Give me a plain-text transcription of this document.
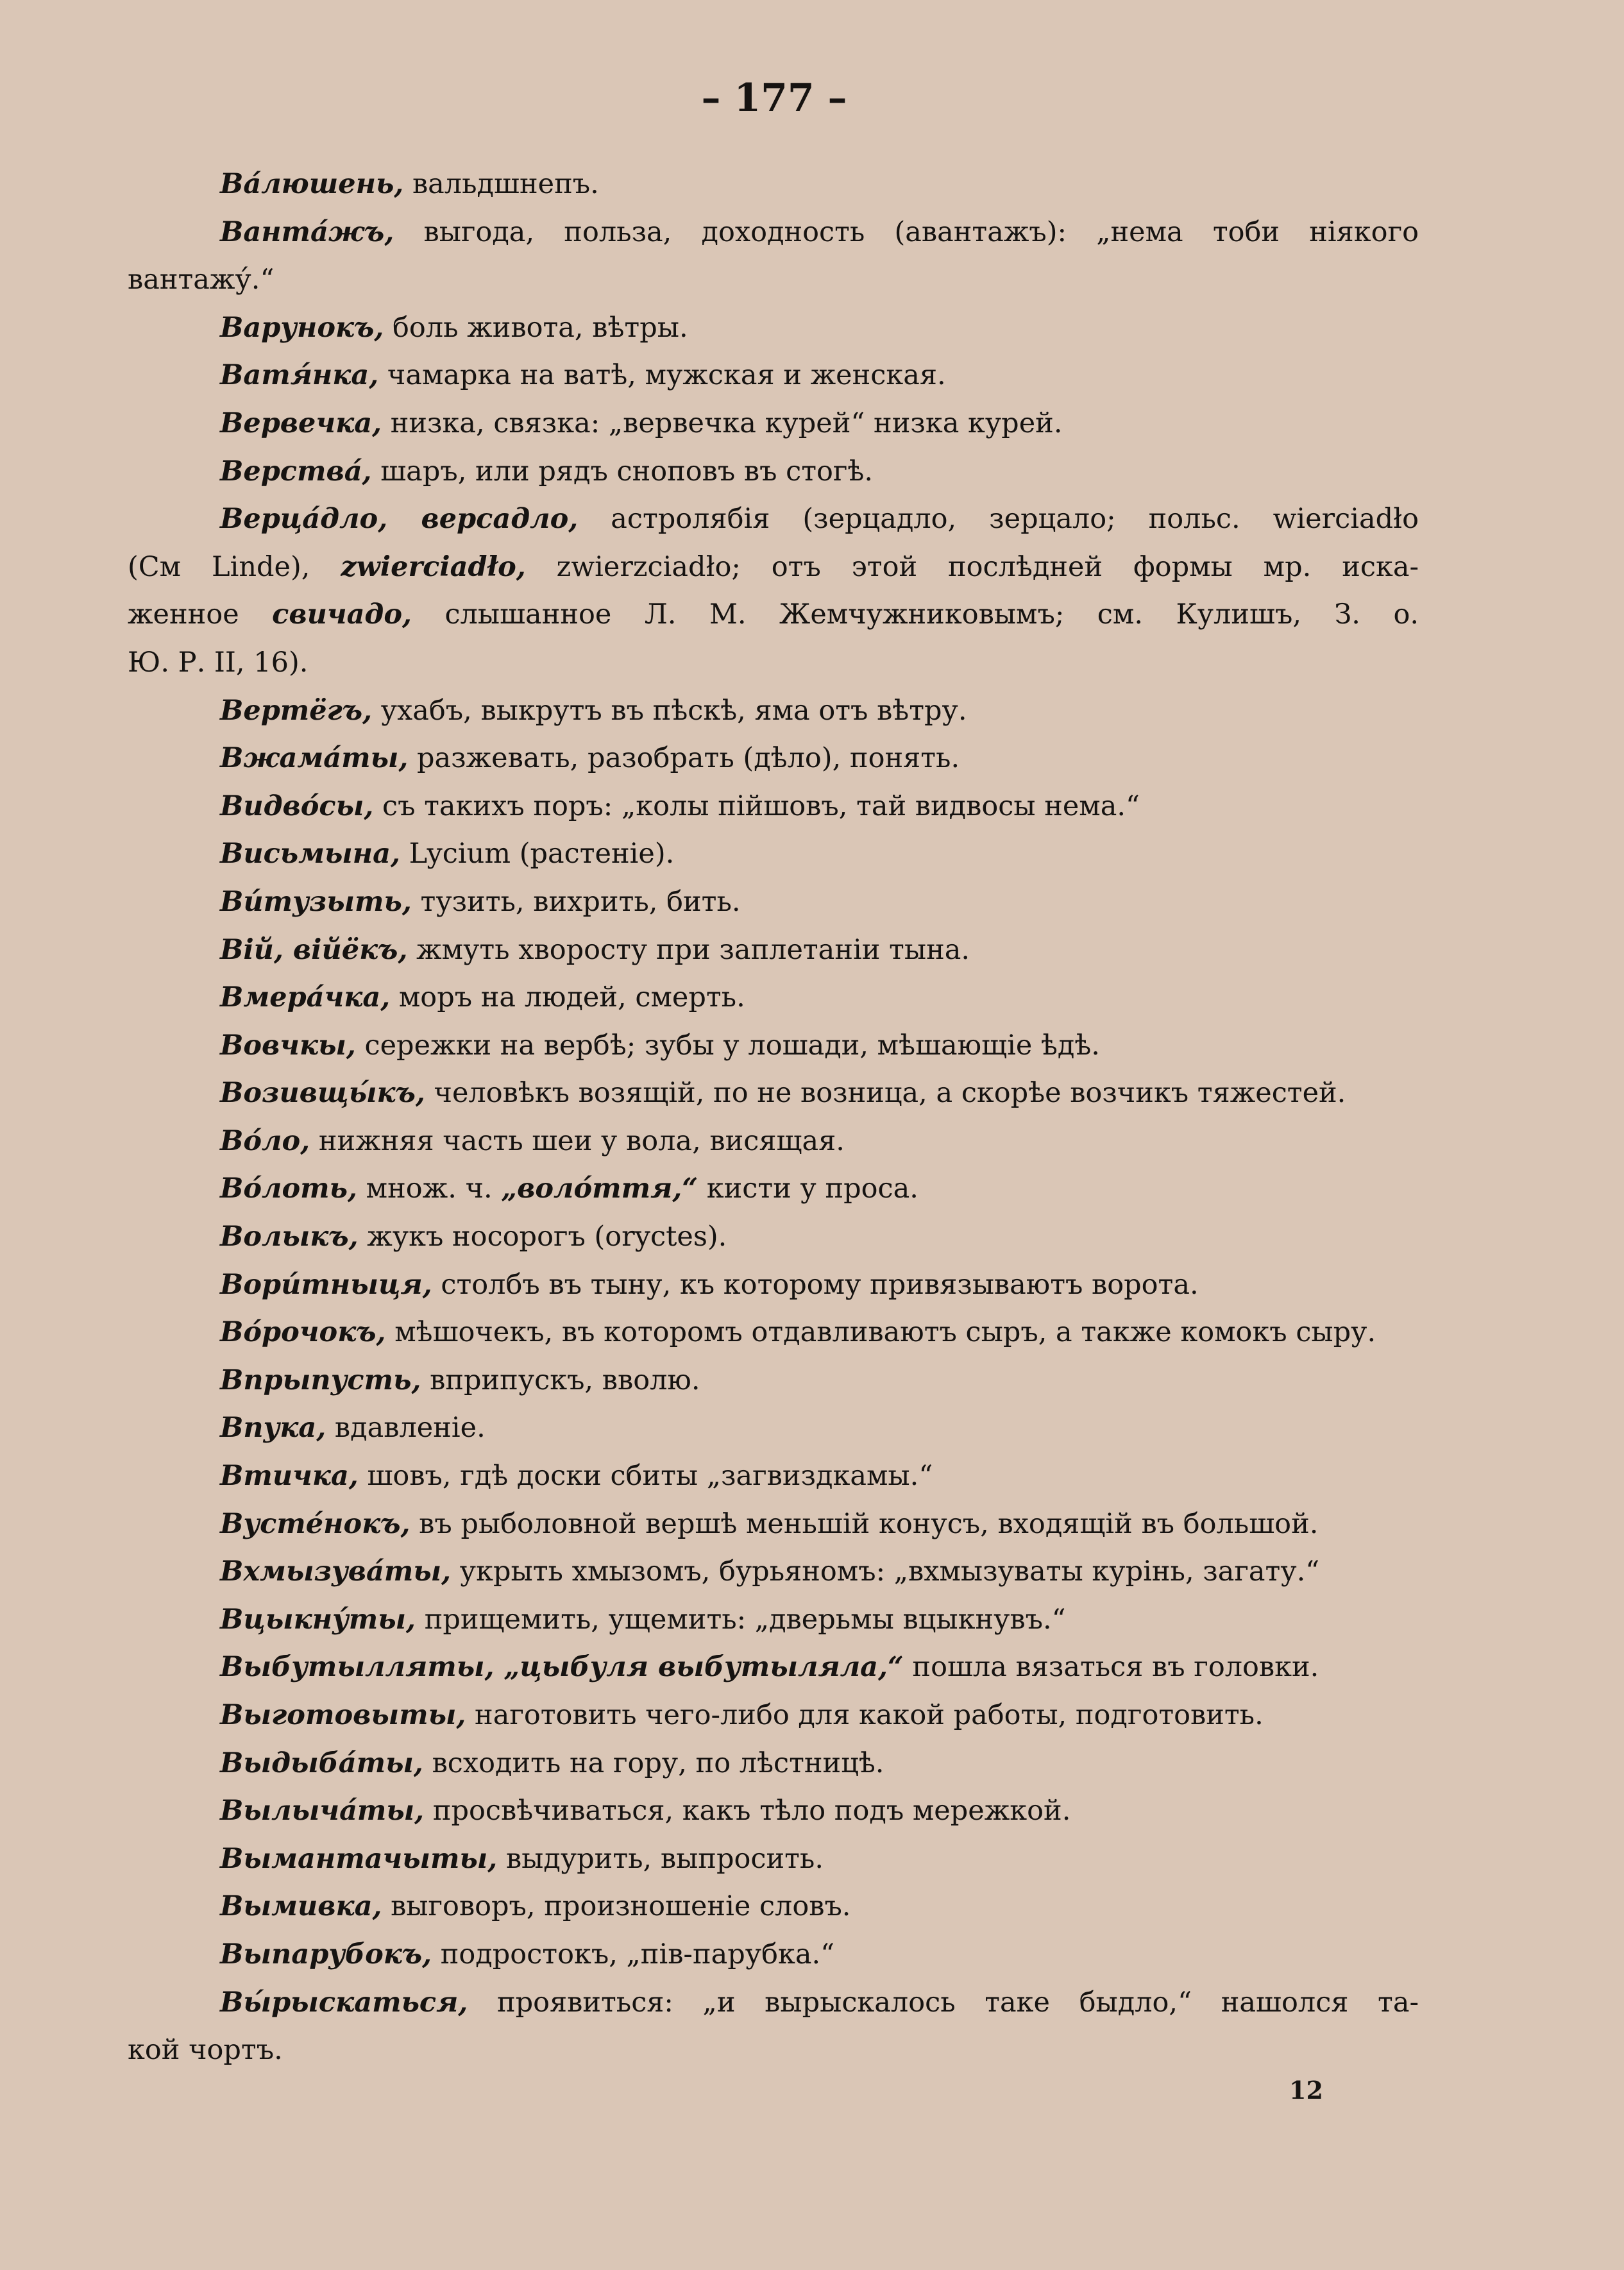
– 177 –
Ва́люшень, вальдшнепъ.
Ванта́жъ, выгода, польза, доходность (авантажъ): „нема тоби ніякого
вантажу́.“
Варунокъ, боль живота, вѣтры.
Ватя́нка, чамарка на ватѣ, мужская и женская.
Вервечка, низка, связка: „вервечка курей“ низка курей.
Верства́, шаръ, или рядъ сноповъ въ стогѣ.
Верца́дло, версадло, астролябія (зерцадло, зерцало; польс. wierciadło
(См Linde), zwierciadło, zwierzciadło; отъ этой послѣдней формы мр. иска-
женное свичадо, слышанное Л. М. Жемчужниковымъ; см. Кулишъ, З. о.
Ю. Р. II, 16).
Вертёгъ, ухабъ, выкрутъ въ пѣскѣ, яма отъ вѣтру.
Вжама́ты, разжевать, разобрать (дѣло), понять.
Видво́сы, съ такихъ поръ: „колы пійшовъ, тай видвосы нема.“
Висьмына, Lycium (растеніе).
Ви́тузыть, тузить, вихрить, бить.
Вій, війёкъ, жмуть хворосту при заплетаніи тына.
Вмера́чка, моръ на людей, смерть.
Вовчкы, сережки на вербѣ; зубы у лошади, мѣшающіе ѣдѣ.
Возивщы́къ, человѣкъ возящій, по не возница, а скорѣе возчикъ тяжестей.
Во́ло, нижняя часть шеи у вола, висящая.
Во́лоть, множ. ч. „воло́ття,“ кисти у проса.
Волыкъ, жукъ носорогъ (oryctes).
Вори́тныця, столбъ въ тыну, къ которому привязываютъ ворота.
Во́рочокъ, мѣшочекъ, въ которомъ отдавливаютъ сыръ, а также комокъ сыру.
Впрыпусть, вприпускъ, вволю.
Впука, вдавленіе.
Втичка, шовъ, гдѣ доски сбиты „загвиздкамы.“
Вусте́нокъ, въ рыболовной вершѣ меньшій конусъ, входящій въ большой.
Вхмызува́ты, укрыть хмызомъ, бурьяномъ: „вхмызуваты курінь, загату.“
Вцыкну́ты, прищемить, ущемить: „дверьмы вцыкнувъ.“
Выбутылляты, „цыбуля выбутыляла,“ пошла вязаться въ головки.
Выготовыты, наготовить чего-либо для какой работы, подготовить.
Выдыба́ты, всходить на гору, по лѣстницѣ.
Вылыча́ты, просвѣчиваться, какъ тѣло подъ мережкой.
Вымантачыты, выдурить, выпросить.
Вымивка, выговоръ, произношеніе словъ.
Выпарубокъ, подростокъ, „пів-парубка.“
Вы́рыскаться, проявиться: „и вырыскалось таке быдло,“ нашолся та-
кой чортъ.
12
